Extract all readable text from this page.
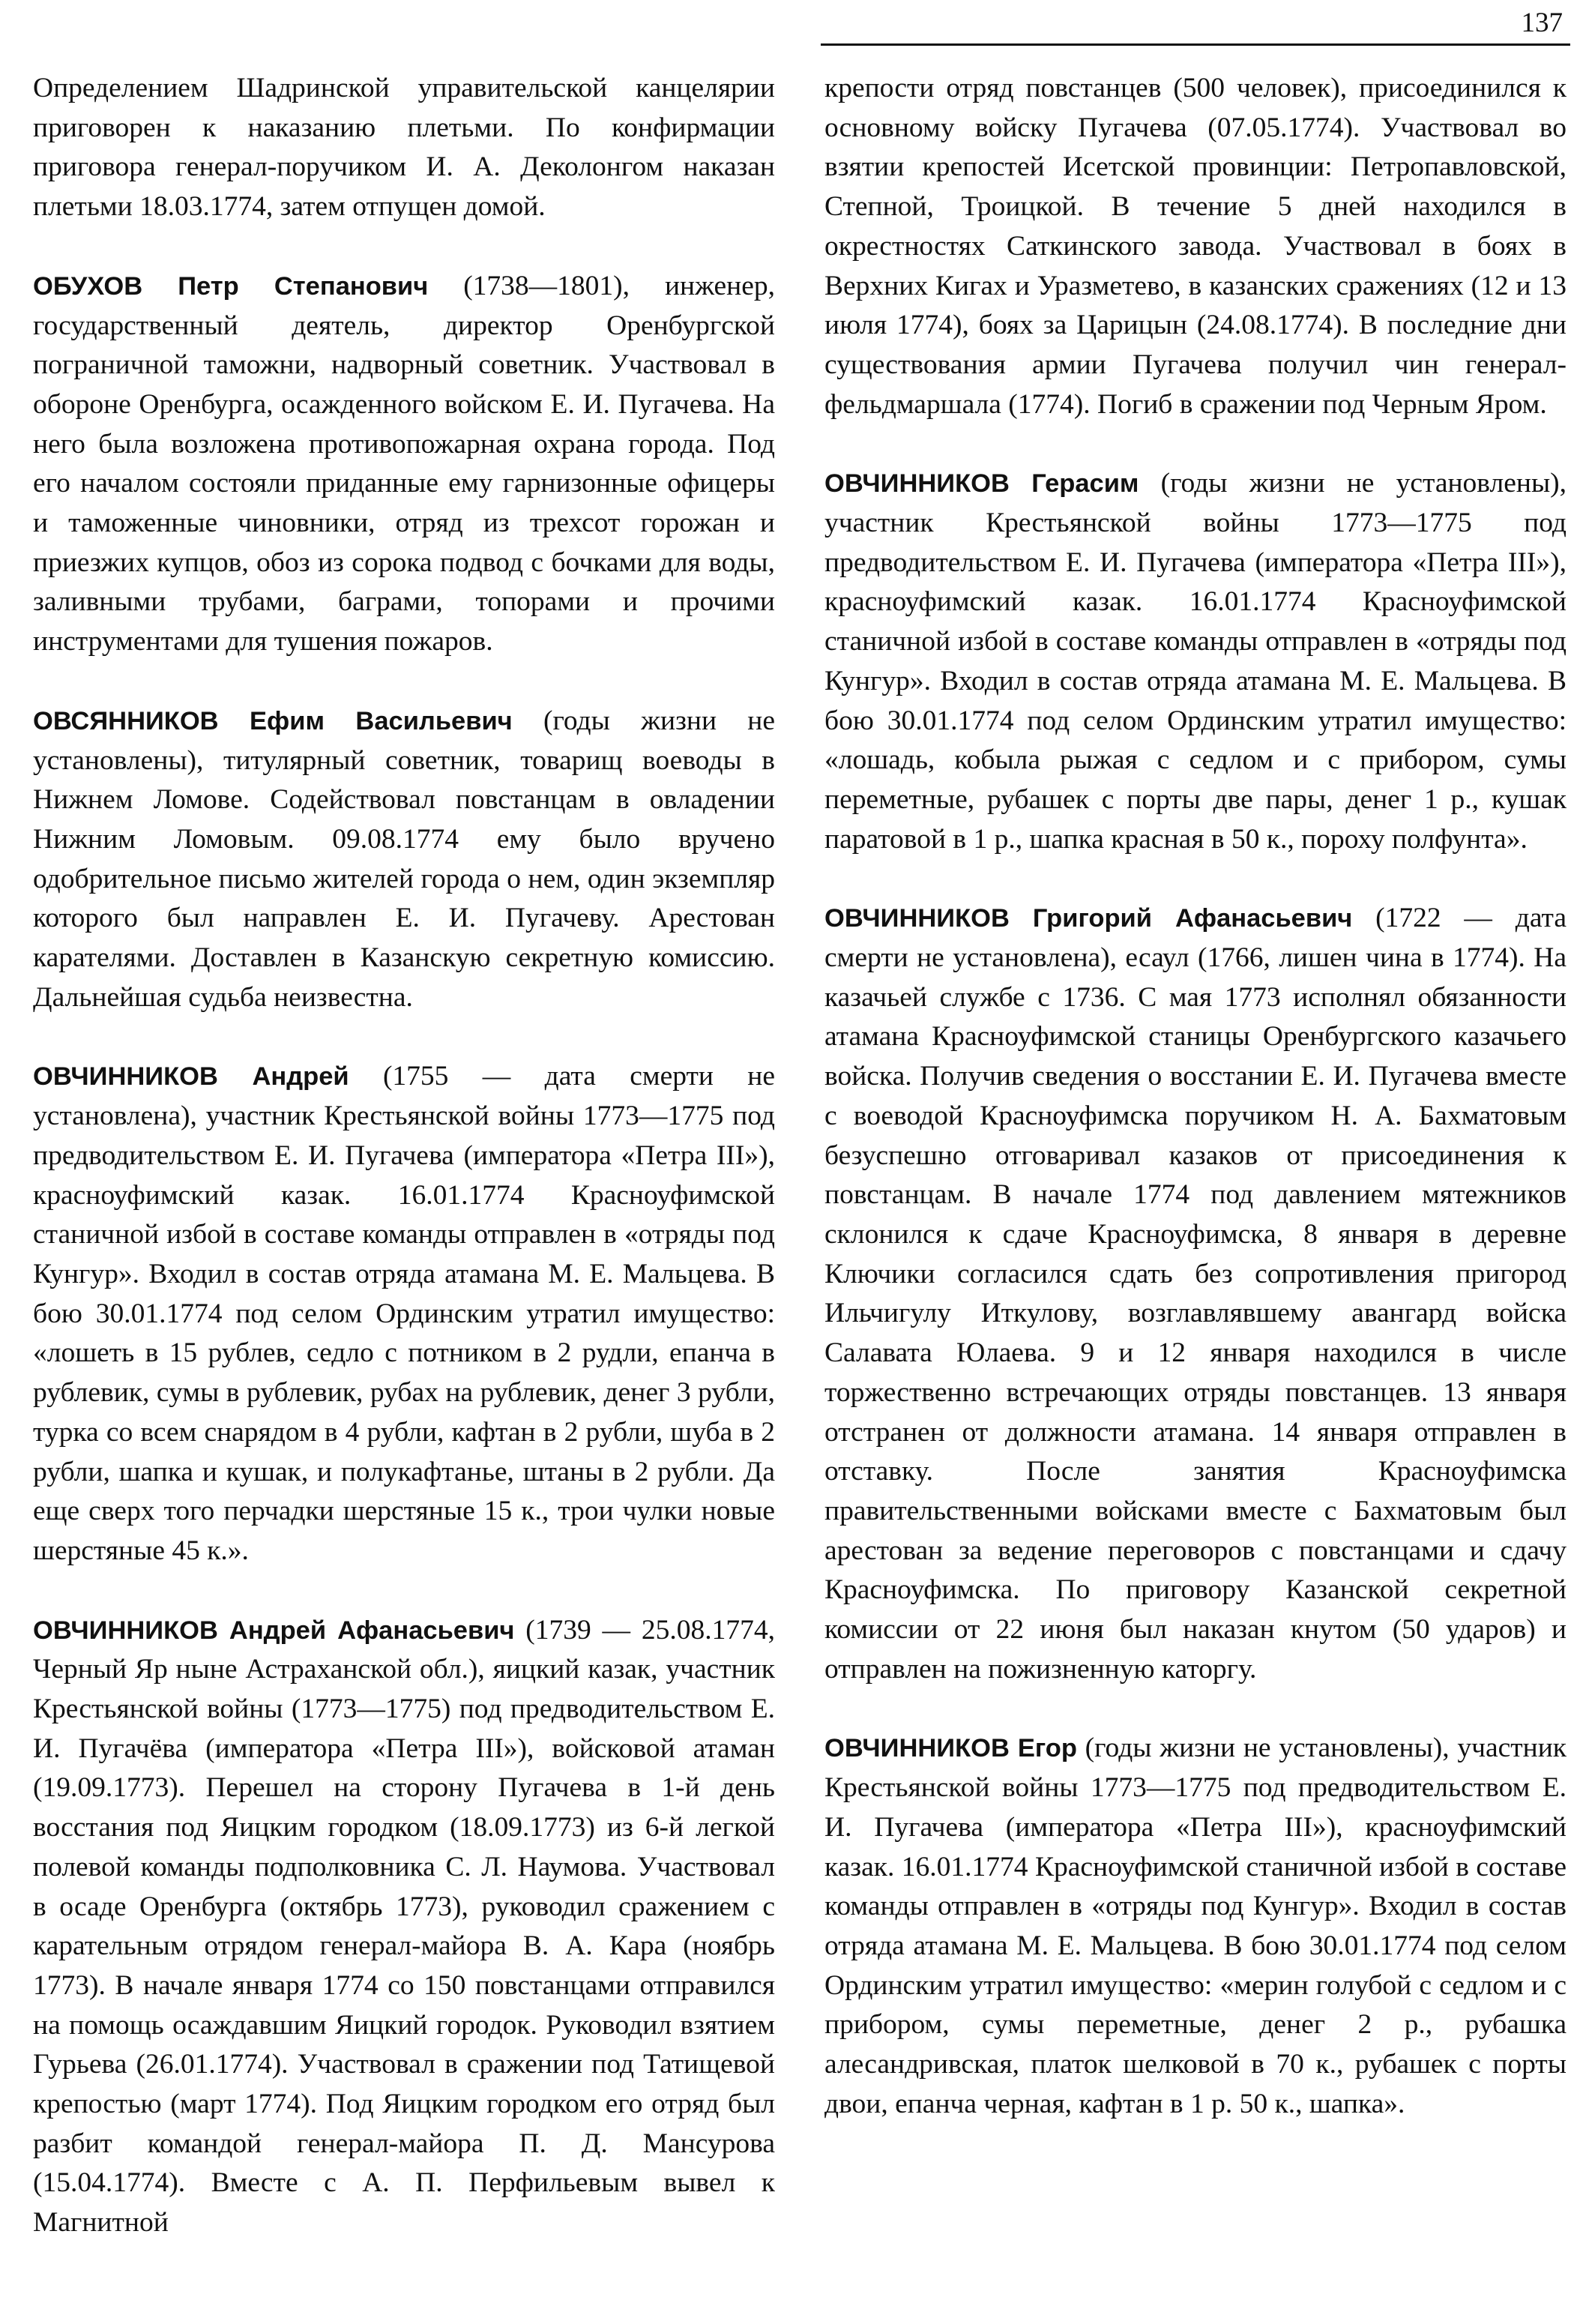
137

Определением Шадринской управительской канцелярии приговорен к наказанию плетьми. По конфирмации приговора генерал-поручиком И. А. Деколонгом наказан плетьми 18.03.1774, затем отпущен домой.

ОБУХОВ Петр Степанович (1738—1801), инженер, государственный деятель, директор Оренбургской пограничной таможни, надворный советник. Участвовал в обороне Оренбурга, осажденного войском Е. И. Пугачева. На него была возложена противопожарная охрана города. Под его началом состояли приданные ему гарнизонные офицеры и таможенные чиновники, отряд из трехсот горожан и приезжих купцов, обоз из сорока подвод с бочками для воды, заливными трубами, баграми, топорами и прочими инструментами для тушения пожаров.

ОВСЯННИКОВ Ефим Васильевич (годы жизни не установлены), титулярный советник, товарищ воеводы в Нижнем Ломове. Содействовал повстанцам в овладении Нижним Ломовым. 09.08.1774 ему было вручено одобрительное письмо жителей города о нем, один экземпляр которого был направлен Е. И. Пугачеву. Арестован карателями. Доставлен в Казанскую секретную комиссию. Дальнейшая судьба неизвестна.

ОВЧИННИКОВ Андрей (1755 — дата смерти не установлена), участник Крестьянской войны 1773—1775 под предводительством Е. И. Пугачева (императора «Петра III»), красноуфимский казак. 16.01.1774 Красноуфимской станичной избой в составе команды отправлен в «отряды под Кунгур». Входил в состав отряда атамана М. Е. Мальцева. В бою 30.01.1774 под селом Ординским утратил имущество: «лошеть в 15 рублев, седло с потником в 2 рудли, епанча в рублевик, сумы в рублевик, рубах на рублевик, денег 3 рубли, турка со всем снарядом в 4 рубли, кафтан в 2 рубли, шуба в 2 рубли, шапка и кушак, и полукафтанье, штаны в 2 рубли. Да еще сверх того перчадки шерстяные 15 к., трои чулки новые шерстяные 45 к.».

ОВЧИННИКОВ Андрей Афанасьевич (1739 — 25.08.1774, Черный Яр ныне Астраханской обл.), яицкий казак, участник Крестьянской войны (1773—1775) под предводительством Е. И. Пугачёва (императора «Петра III»), войсковой атаман (19.09.1773). Перешел на сторону Пугачева в 1-й день восстания под Яицким городком (18.09.1773) из 6-й легкой полевой команды подполковника С. Л. Наумова. Участвовал в осаде Оренбурга (октябрь 1773), руководил сражением с карательным отрядом генерал-майора В. А. Кара (ноябрь 1773). В начале января 1774 со 150 повстанцами отправился на помощь осаждавшим Яицкий городок. Руководил взятием Гурьева (26.01.1774). Участвовал в сражении под Татищевой крепостью (март 1774). Под Яицким городком его отряд был разбит командой генерал-майора П. Д. Мансурова (15.04.1774). Вместе с А. П. Перфильевым вывел к Магнитной

крепости отряд повстанцев (500 человек), присоединился к основному войску Пугачева (07.05.1774). Участвовал во взятии крепостей Исетской провинции: Петропавловской, Степной, Троицкой. В течение 5 дней находился в окрестностях Саткинского завода. Участвовал в боях в Верхних Кигах и Уразметево, в казанских сражениях (12 и 13 июля 1774), боях за Царицын (24.08.1774). В последние дни существования армии Пугачева получил чин генерал-фельдмаршала (1774). Погиб в сражении под Черным Яром.

ОВЧИННИКОВ Герасим (годы жизни не установлены), участник Крестьянской войны 1773—1775 под предводительством Е. И. Пугачева (императора «Петра III»), красноуфимский казак. 16.01.1774 Красноуфимской станичной избой в составе команды отправлен в «отряды под Кунгур». Входил в состав отряда атамана М. Е. Мальцева. В бою 30.01.1774 под селом Ординским утратил имущество: «лошадь, кобыла рыжая с седлом и с прибором, сумы переметные, рубашек с порты две пары, денег 1 р., кушак паратовой в 1 р., шапка красная в 50 к., пороху полфунта».

ОВЧИННИКОВ Григорий Афанасьевич (1722 — дата смерти не установлена), есаул (1766, лишен чина в 1774). На казачьей службе с 1736. С мая 1773 исполнял обязанности атамана Красноуфимской станицы Оренбургского казачьего войска. Получив сведения о восстании Е. И. Пугачева вместе с воеводой Красноуфимска поручиком Н. А. Бахматовым безуспешно отговаривал казаков от присоединения к повстанцам. В начале 1774 под давлением мятежников склонился к сдаче Красноуфимска, 8 января в деревне Ключики согласился сдать без сопротивления пригород Ильчигулу Иткулову, возглавлявшему авангард войска Салавата Юлаева. 9 и 12 января находился в числе торжественно встречающих отряды повстанцев. 13 января отстранен от должности атамана. 14 января отправлен в отставку. После занятия Красноуфимска правительственными войсками вместе с Бахматовым был арестован за ведение переговоров с повстанцами и сдачу Красноуфимска. По приговору Казанской секретной комиссии от 22 июня был наказан кнутом (50 ударов) и отправлен на пожизненную каторгу.

ОВЧИННИКОВ Егор (годы жизни не установлены), участник Крестьянской войны 1773—1775 под предводительством Е. И. Пугачева (императора «Петра III»), красноуфимский казак. 16.01.1774 Красноуфимской станичной избой в составе команды отправлен в «отряды под Кунгур». Входил в состав отряда атамана М. Е. Мальцева. В бою 30.01.1774 под селом Ординским утратил имущество: «мерин голубой с седлом и с прибором, сумы переметные, денег 2 р., рубашка алесандривская, платок шелковой в 70 к., рубашек с порты двои, епанча черная, кафтан в 1 р. 50 к., шапка».
